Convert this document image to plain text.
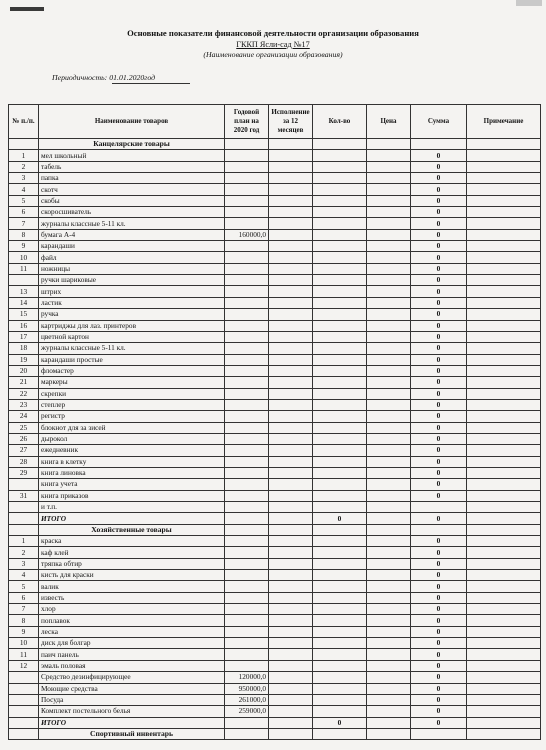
Основные показатели финансовой деятельности организации образования
ГККП Ясли-сад №17
(Наименование организации образования)
Периодичность: 01.01.2020год
№ п./п.	Наименование товаров	Годовой план на 2020 год	Исполнение за 12 месяцев	Кол-во	Цена	Сумма	Примечание
	Канцелярские товары						
1	мел школьный					0	
2	табель					0	
3	папка					0	
4	скотч					0	
5	скобы					0	
6	скоросшиватель					0	
7	журналы классные 5-11 кл.					0	
8	бумага А-4	160000,0				0	
9	карандаши					0	
10	файл					0	
11	ножницы					0	
	ручки шариковые					0	
13	штрих					0	
14	ластик					0	
15	ручка					0	
16	картриджы для лаз. принтеров					0	
17	цветной картон					0	
18	журналы классные 5-11 кл.					0	
19	карандаши простые					0	
20	фломастер					0	
21	маркеры					0	
22	скрепки					0	
23	степлер					0	
24	регистр					0	
25	блокнот для за зисей					0	
26	дырокол					0	
27	ежедневник					0	
28	книга в клетку					0	
29	книга линовка					0	
	книга учета					0	
31	книга приказов					0	
	и т.п.						
	ИТОГО			0		0	
	Хозяйственные товары						
1	краска					0	
2	каф клей					0	
3	тряпка обтир					0	
4	кисть для краски					0	
5	валик					0	
6	известь					0	
7	хлор					0	
8	поплавок					0	
9	леска					0	
10	диск для болгар					0	
11	паич панель					0	
12	эмаль половая					0	
	Средство дезинфицирующее	120000,0				0	
	Моющие средства	950000,0				0	
	Посуда	261000,0				0	
	Комплект постельного белья	259000,0				0	
	ИТОГО			0		0	
	Спортивный инвентарь						
